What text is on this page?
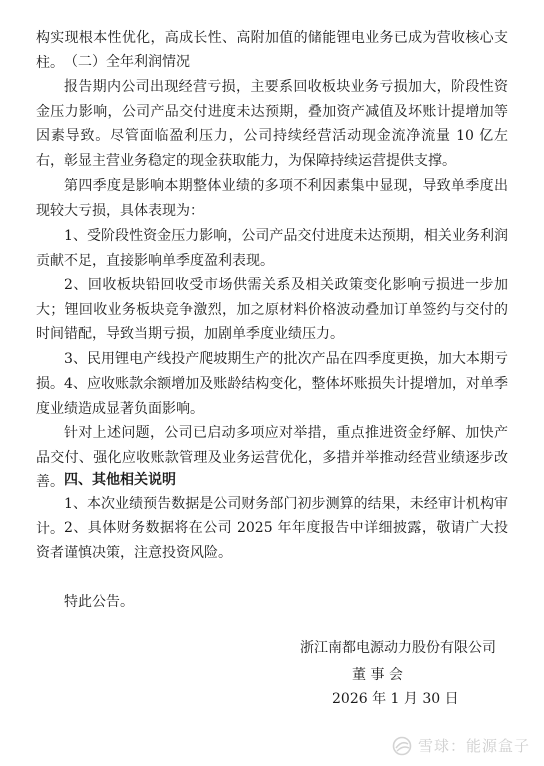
构实现根本性优化，高成长性、高附加值的储能锂电业务已成为营收核心支柱。 （二）全年利润情况

报告期内公司出现经营亏损，主要系回收板块业务亏损加大，阶段性资金压力影响，公司产品交付进度未达预期，叠加资产减值及坏账计提增加等因素导致。尽管面临盈利压力，公司持续经营活动现金流净流量 10 亿左右，彰显主营业务稳定的现金获取能力，为保障持续运营提供支撑。

第四季度是影响本期整体业绩的多项不利因素集中显现，导致单季度出现较大亏损，具体表现为：

1、受阶段性资金压力影响，公司产品交付进度未达预期，相关业务利润贡献不足，直接影响单季度盈利表现。

2、回收板块铅回收受市场供需关系及相关政策变化影响亏损进一步加大；锂回收业务板块竞争激烈，加之原材料价格波动叠加订单签约与交付的时间错配，导致当期亏损，加剧单季度业绩压力。

3、民用锂电产线投产爬坡期生产的批次产品在四季度更换，加大本期亏损。 4、应收账款余额增加及账龄结构变化，整体坏账损失计提增加，对单季度业绩造成显著负面影响。

针对上述问题，公司已启动多项应对举措，重点推进资金纾解、加快产品交付、强化应收账款管理及业务运营优化，多措并举推动经营业绩逐步改善。 四、其他相关说明

1、本次业绩预告数据是公司财务部门初步测算的结果，未经审计机构审计。 2、具体财务数据将在公司 2025 年年度报告中详细披露，敬请广大投资者谨慎决策，注意投资风险。

特此公告。

浙江南都电源动力股份有限公司
董 事 会
2026 年 1 月 30 日
雪球：能源盒子
